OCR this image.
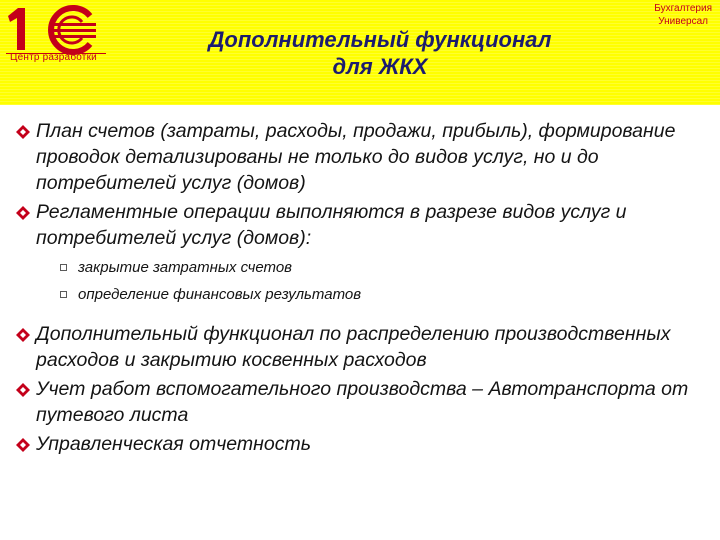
Центр разработки
Дополнительный функционал
для ЖКХ
Бухгалтерия
Универсал
План счетов (затраты, расходы, продажи, прибыль), формирование проводок детализированы не только до видов услуг, но и до потребителей услуг (домов)
Регламентные операции выполняются в разрезе видов услуг и потребителей услуг (домов):
закрытие затратных счетов
определение финансовых результатов
Дополнительный функционал по распределению производственных расходов и закрытию косвенных расходов
Учет работ вспомогательного производства – Автотранспорта от путевого листа
Управленческая отчетность
